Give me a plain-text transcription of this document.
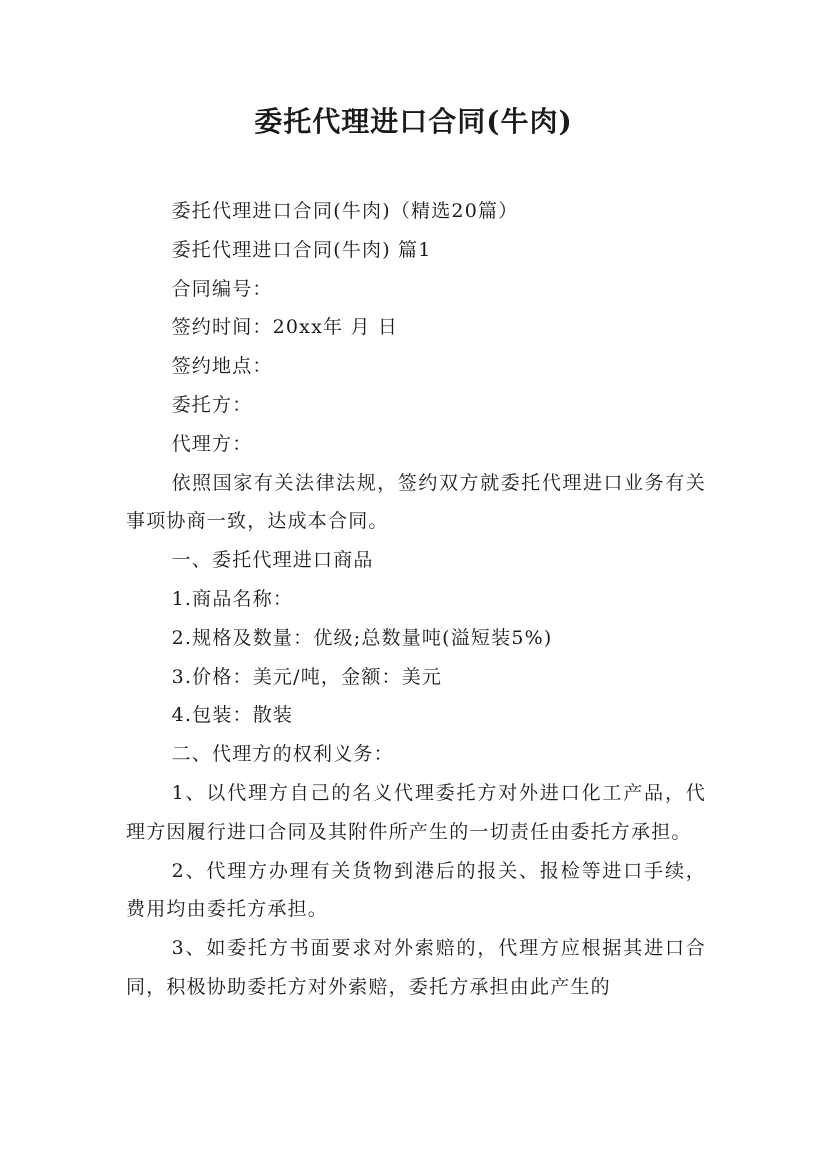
委托代理进口合同(牛肉)

委托代理进口合同(牛肉)（精选20篇）

委托代理进口合同(牛肉) 篇1

合同编号：

签约时间：20xx年 月 日

签约地点：

委托方：

代理方：

依照国家有关法律法规，签约双方就委托代理进口业务有关事项协商一致，达成本合同。

一、委托代理进口商品

1.商品名称：

2.规格及数量：优级;总数量吨(溢短装5%)

3.价格：美元/吨，金额：美元

4.包装：散装

二、代理方的权利义务：

1、以代理方自己的名义代理委托方对外进口化工产品，代理方因履行进口合同及其附件所产生的一切责任由委托方承担。

2、代理方办理有关货物到港后的报关、报检等进口手续，费用均由委托方承担。

3、如委托方书面要求对外索赔的，代理方应根据其进口合同，积极协助委托方对外索赔，委托方承担由此产生的
